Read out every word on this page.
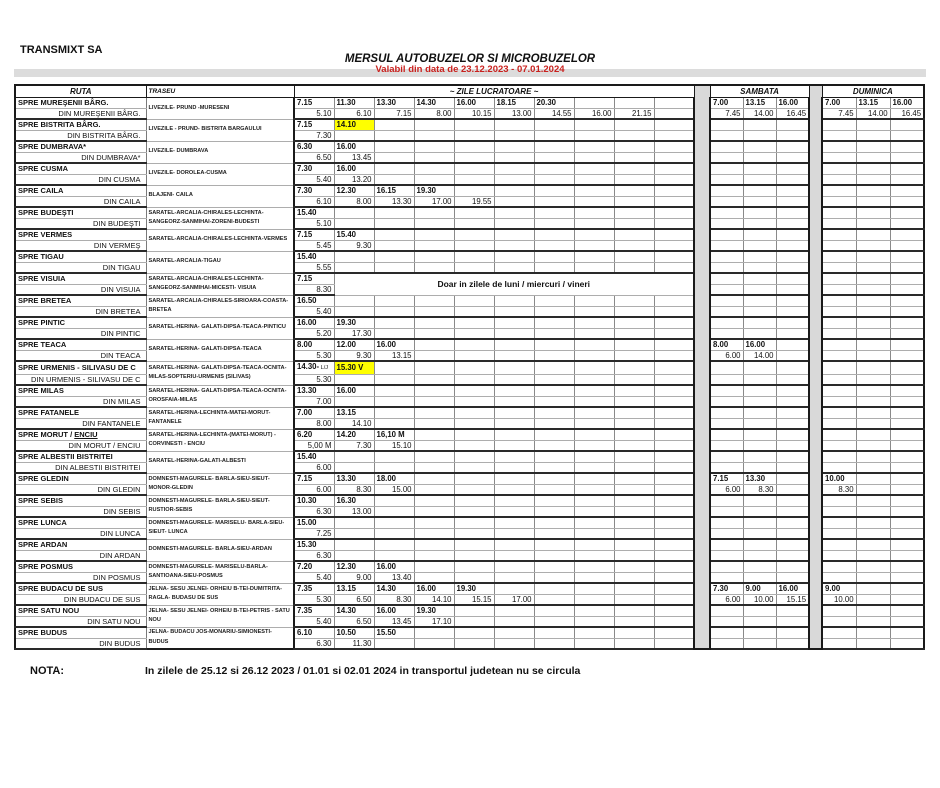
TRANSMIXT SA
MERSUL AUTOBUZELOR SI MICROBUZELOR
Valabil din data de 23.12.2023 - 07.01.2024
RUTA	TRASEU	~ ZILE LUCRATOARE ~											SAMBATA				DUMINICA		
SPRE MUREŞENII BÂRG.	LIVEZILE- PRUND -MURESENI	7.15	11.30	13.30	14.30	16.00	18.15	20.30					7.00	13.15	16.00		7.00	13.15	16.00
DIN MUREŞENII BÂRG.		5.10	6.10	7.15	8.00	10.15	13.00	14.55	16.00	21.15			7.45	14.00	16.45		7.45	14.00	16.45
SPRE BISTRITA BÂRG.	LIVEZILE - PRUND- BISTRITA BARGAULUI	7.15	14.10																
DIN BISTRITA BÂRG.		7.30																	
SPRE DUMBRAVA*	LIVEZILE- DUMBRAVA	6.30	16.00																
DIN DUMBRAVA*		6.50	13.45																
SPRE CUSMA	LIVEZILE- DOROLEA-CUSMA	7.30	16.00																
DIN CUSMA		5.40	13.20																
SPRE CAILA	BLAJENI- CAILA	7.30	12.30	16.15	19.30														
DIN CAILA		6.10	8.00	13.30	17.00	19.55													
SPRE BUDEŞTI	SARATEL-ARCALIA-CHIRALES-LECHINTA-SANGEORZ-SANMIHAI-ZORENI-BUDESTI	15.40																	
DIN BUDEŞTI		5.10																	
SPRE VERMES	SARATEL-ARCALIA-CHIRALES-LECHINTA-VERMES	7.15	15.40																
DIN VERMEŞ		5.45	9.30																
SPRE TIGAU	SARATEL-ARCALIA-TIGAU	15.40																	
DIN TIGAU		5.55																	
SPRE VISUIA	SARATEL-ARCALIA-CHIRALES-LECHINTA-SANGEORZ-SANMIHAI-MICESTI- VISUIA	7.15	Doar in zilele de luni / miercuri / vineri																
DIN VISUIA		8.30																	
SPRE BRETEA	SARATEL-ARCALIA-CHIRALES-SIRIOARA-COASTA-BRETEA	16.50																	
DIN BRETEA		5.40																	
SPRE PINTIC	SARATEL-HERINA- GALATI-DIPSA-TEACA-PINTICU	16.00	19.30																
DIN PINTIC		5.20	17.30																
SPRE TEACA	SARATEL-HERINA- GALATI-DIPSA-TEACA	8.00	12.00	16.00									8.00	16.00					
DIN TEACA		5.30	9.30	13.15									6.00	14.00					
SPRE URMENIS - SILIVASU DE C	SARATEL-HERINA- GALATI-DIPSA-TEACA-OCNITA-MILAS-SOPTERIU-URMENIS (SILIVAS)	14.30- L/J	15.30 V																
DIN URMENIS - SILIVASU DE C		5.30																	
SPRE MILAS	SARATEL-HERINA- GALATI-DIPSA-TEACA-OCNITA-OROSFAIA-MILAS	13.30	16.00																
DIN MILAS		7.00																	
SPRE FATANELE	SARATEL-HERINA-LECHINTA-MATEI-MORUT-FANTANELE	7.00	13.15																
DIN FANTANELE		8.00	14.10																
SPRE MORUT / ENCIU	SARATEL-HERINA-LECHINTA-(MATEI-MORUT) - CORVINESTI - ENCIU	6.20	14.20	16,10 M															
DIN MORUT / ENCIU		5,00 M	7.30	15.10															
SPRE ALBESTII BISTRITEI	SARATEL-HERINA-GALATI-ALBESTI	15.40																	
DIN ALBESTII BISTRITEI		6.00																	
SPRE GLEDIN	DOMNESTI-MAGURELE- BARLA-SIEU-SIEUT-MONOR-GLEDIN	7.15	13.30	18.00									7.15	13.30			10.00		
DIN GLEDIN		6.00	8.30	15.00									6.00	8.30			8.30		
SPRE SEBIS	DOMNESTI-MAGURELE- BARLA-SIEU-SIEUT-RUSTIOR-SEBIS	10.30	16.30																
DIN SEBIS		6.30	13.00																
SPRE LUNCA	DOMNESTI-MAGURELE- MARISELU- BARLA-SIEU-SIEUT- LUNCA	15.00																	
DIN LUNCA		7.25																	
SPRE ARDAN	DOMNESTI-MAGURELE- BARLA-SIEU-ARDAN	15.30																	
DIN ARDAN		6.30																	
SPRE POSMUS	DOMNESTI-MAGURELE- MARISELU-BARLA-SANTIOANA-SIEU-POSMUS	7.20	12.30	16.00															
DIN POSMUS		5.40	9.00	13.40															
SPRE BUDACU DE SUS	JELNA- SESU JELNEI- ORHEIU B-TEI-DUMITRITA-RAGLA- BUDASU DE SUS	7.35	13.15	14.30	16.00	19.30							7.30	9.00	16.00		9.00		
DIN BUDACU DE SUS		5.30	6.50	8.30	14.10	15.15	17.00						6.00	10.00	15.15		10.00		
SPRE SATU NOU	JELNA- SESU JELNEI- ORHEIU B-TEI-PETRIS - SATU NOU	7.35	14.30	16.00	19.30														
DIN SATU NOU		5.40	6.50	13.45	17.10														
SPRE BUDUS	JELNA- BUDACU JOS-MONARIU-SIMIONESTI-BUDUS	6.10	10.50	15.50															
DIN BUDUS		6.30	11.30																
NOTA:	In zilele de 25.12 si 26.12 2023 / 01.01 si 02.01 2024 in transportul judetean nu se circula
